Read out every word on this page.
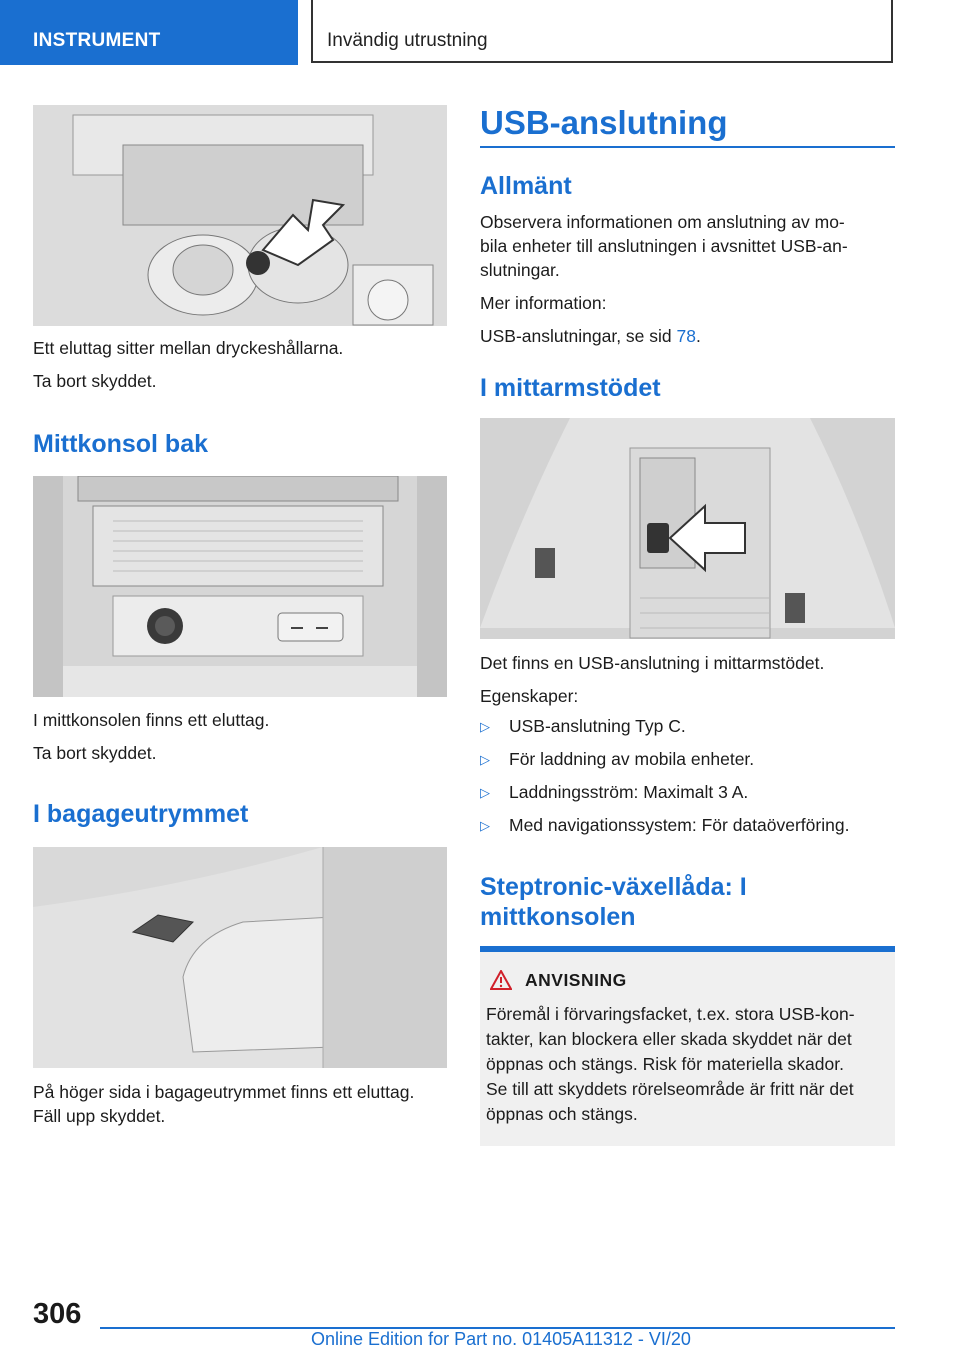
INSTRUMENT	Invändig utrustning
Ett eluttag sitter mellan dryckeshållarna.
Ta bort skyddet.
Mittkonsol bak
I mittkonsolen finns ett eluttag.
Ta bort skyddet.
I bagageutrymmet
På höger sida i bagageutrymmet finns ett eluttag.
Fäll upp skyddet.
USB-anslutning
Allmänt
Observera informationen om anslutning av mo-
bila enheter till anslutningen i avsnittet USB-an-
slutningar.
Mer information:
USB-anslutningar, se sid 78.
I mittarmstödet
Det finns en USB-anslutning i mittarmstödet.
Egenskaper:
▷ USB-anslutning Typ C.
▷ För laddning av mobila enheter.
▷ Laddningsström: Maximalt 3 A.
▷ Med navigationssystem: För dataöverföring.
Steptronic-växellåda: I
mittkonsolen
ANVISNING
Föremål i förvaringsfacket, t.ex. stora USB-kon-
takter, kan blockera eller skada skyddet när det
öppnas och stängs. Risk för materiella skador.
Se till att skyddets rörelseområde är fritt när det
öppnas och stängs.
306
Online Edition for Part no. 01405A11312 - VI/20
